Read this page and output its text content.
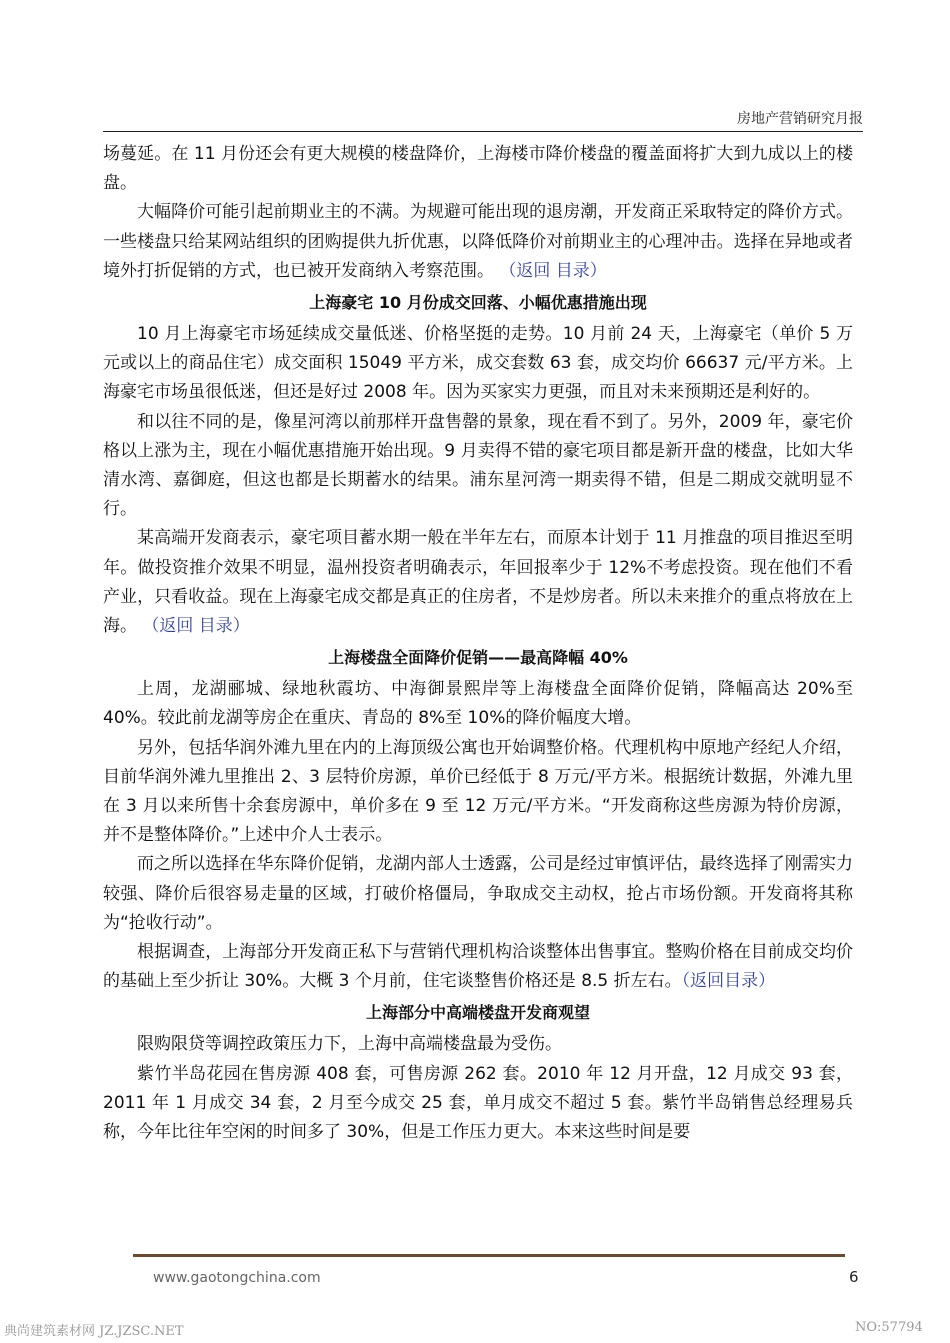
房地产营销研究月报

场蔓延。在 11 月份还会有更大规模的楼盘降价，上海楼市降价楼盘的覆盖面将扩大到九成以上的楼盘。

大幅降价可能引起前期业主的不满。为规避可能出现的退房潮，开发商正采取特定的降价方式。一些楼盘只给某网站组织的团购提供九折优惠，以降低降价对前期业主的心理冲击。选择在异地或者境外打折促销的方式，也已被开发商纳入考察范围。 （返回 目录）

上海豪宅 10 月份成交回落、小幅优惠措施出现

10 月上海豪宅市场延续成交量低迷、价格坚挺的走势。10 月前 24 天，上海豪宅（单价 5 万元或以上的商品住宅）成交面积 15049 平方米，成交套数 63 套，成交均价 66637 元/平方米。上海豪宅市场虽很低迷，但还是好过 2008 年。因为买家实力更强，而且对未来预期还是利好的。

和以往不同的是，像星河湾以前那样开盘售罄的景象，现在看不到了。另外，2009 年，豪宅价格以上涨为主，现在小幅优惠措施开始出现。9 月卖得不错的豪宅项目都是新开盘的楼盘，比如大华清水湾、嘉御庭，但这也都是长期蓄水的结果。浦东星河湾一期卖得不错，但是二期成交就明显不行。

某高端开发商表示，豪宅项目蓄水期一般在半年左右，而原本计划于 11 月推盘的项目推迟至明年。做投资推介效果不明显，温州投资者明确表示，年回报率少于 12%不考虑投资。现在他们不看产业，只看收益。现在上海豪宅成交都是真正的住房者，不是炒房者。所以未来推介的重点将放在上海。 （返回 目录）

上海楼盘全面降价促销——最高降幅 40%

上周，龙湖郦城、绿地秋霞坊、中海御景熙岸等上海楼盘全面降价促销，降幅高达 20%至 40%。较此前龙湖等房企在重庆、青岛的 8%至 10%的降价幅度大增。

另外，包括华润外滩九里在内的上海顶级公寓也开始调整价格。代理机构中原地产经纪人介绍，目前华润外滩九里推出 2、3 层特价房源，单价已经低于 8 万元/平方米。根据统计数据，外滩九里在 3 月以来所售十余套房源中，单价多在 9 至 12 万元/平方米。“开发商称这些房源为特价房源，并不是整体降价。”上述中介人士表示。

而之所以选择在华东降价促销，龙湖内部人士透露，公司是经过审慎评估，最终选择了刚需实力较强、降价后很容易走量的区域，打破价格僵局，争取成交主动权，抢占市场份额。开发商将其称为“抢收行动”。

根据调查，上海部分开发商正私下与营销代理机构洽谈整体出售事宜。整购价格在目前成交均价的基础上至少折让 30%。大概 3 个月前，住宅谈整售价格还是 8.5 折左右。（返回目录）

上海部分中高端楼盘开发商观望

限购限贷等调控政策压力下，上海中高端楼盘最为受伤。

紫竹半岛花园在售房源 408 套，可售房源 262 套。2010 年 12 月开盘，12 月成交 93 套，2011 年 1 月成交 34 套，2 月至今成交 25 套，单月成交不超过 5 套。紫竹半岛销售总经理易兵称，今年比往年空闲的时间多了 30%，但是工作压力更大。本来这些时间是要

www.gaotongchina.com	6
典尚建筑素材网 JZ.JZSC.NET	NO:57794
